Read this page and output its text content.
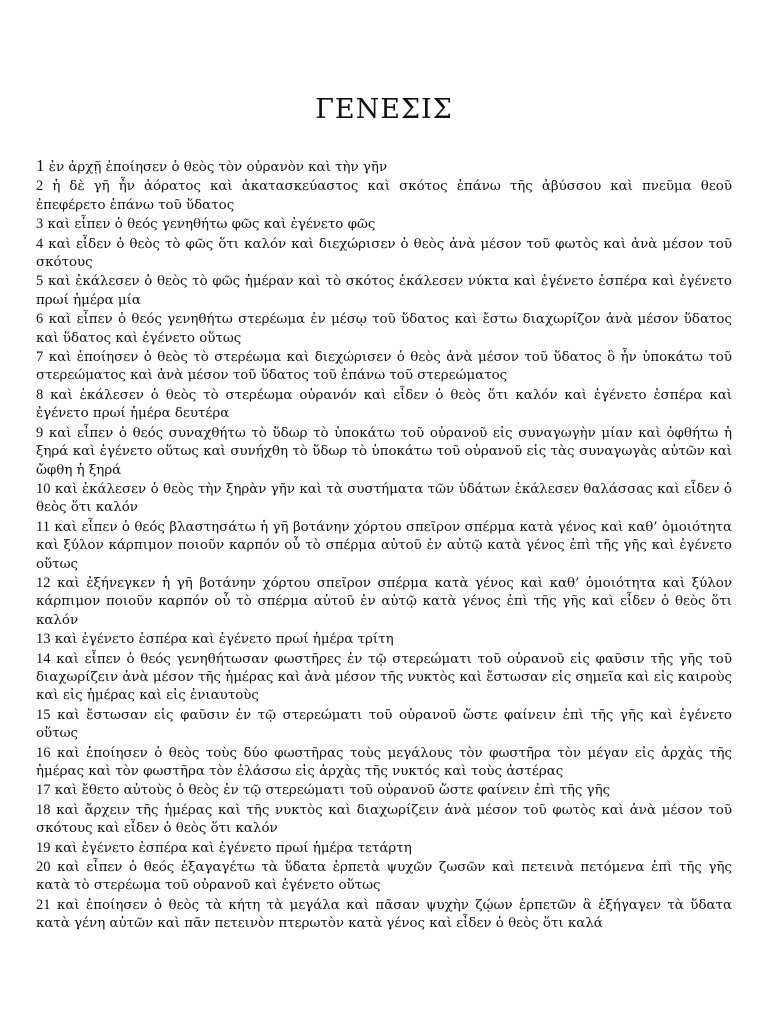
ΓΕΝΕΣΙΣ

1 ἐν ἀρχῇ ἐποίησεν ὁ θεὸς τὸν οὐρανὸν καὶ τὴν γῆν

2 ἡ δὲ γῆ ἦν ἀόρατος καὶ ἀκατασκεύαστος καὶ σκότος ἐπάνω τῆς ἀβύσσου καὶ πνεῦμα θεοῦ ἐπεφέρετο ἐπάνω τοῦ ὕδατος

3 καὶ εἶπεν ὁ θεός γενηθήτω φῶς καὶ ἐγένετο φῶς

4 καὶ εἶδεν ὁ θεὸς τὸ φῶς ὅτι καλόν καὶ διεχώρισεν ὁ θεὸς ἀνὰ μέσον τοῦ φωτὸς καὶ ἀνὰ μέσον τοῦ σκότους

5 καὶ ἐκάλεσεν ὁ θεὸς τὸ φῶς ἡμέραν καὶ τὸ σκότος ἐκάλεσεν νύκτα καὶ ἐγένετο ἑσπέρα καὶ ἐγένετο πρωί ἡμέρα μία

6 καὶ εἶπεν ὁ θεός γενηθήτω στερέωμα ἐν μέσῳ τοῦ ὕδατος καὶ ἔστω διαχωρίζον ἀνὰ μέσον ὕδατος καὶ ὕδατος καὶ ἐγένετο οὕτως

7 καὶ ἐποίησεν ὁ θεὸς τὸ στερέωμα καὶ διεχώρισεν ὁ θεὸς ἀνὰ μέσον τοῦ ὕδατος ὃ ἦν ὑποκάτω τοῦ στερεώματος καὶ ἀνὰ μέσον τοῦ ὕδατος τοῦ ἐπάνω τοῦ στερεώματος

8 καὶ ἐκάλεσεν ὁ θεὸς τὸ στερέωμα οὐρανόν καὶ εἶδεν ὁ θεὸς ὅτι καλόν καὶ ἐγένετο ἑσπέρα καὶ ἐγένετο πρωί ἡμέρα δευτέρα

9 καὶ εἶπεν ὁ θεός συναχθήτω τὸ ὕδωρ τὸ ὑποκάτω τοῦ οὐρανοῦ εἰς συναγωγὴν μίαν καὶ ὀφθήτω ἡ ξηρά καὶ ἐγένετο οὕτως καὶ συνήχθη τὸ ὕδωρ τὸ ὑποκάτω τοῦ οὐρανοῦ εἰς τὰς συναγωγὰς αὐτῶν καὶ ὤφθη ἡ ξηρά

10 καὶ ἐκάλεσεν ὁ θεὸς τὴν ξηρὰν γῆν καὶ τὰ συστήματα τῶν ὑδάτων ἐκάλεσεν θαλάσσας καὶ εἶδεν ὁ θεὸς ὅτι καλόν

11 καὶ εἶπεν ὁ θεός βλαστησάτω ἡ γῆ βοτάνην χόρτου σπεῖρον σπέρμα κατὰ γένος καὶ καθ’ ὁμοιότητα καὶ ξύλον κάρπιμον ποιοῦν καρπόν οὗ τὸ σπέρμα αὐτοῦ ἐν αὐτῷ κατὰ γένος ἐπὶ τῆς γῆς καὶ ἐγένετο οὕτως

12 καὶ ἐξήνεγκεν ἡ γῆ βοτάνην χόρτου σπεῖρον σπέρμα κατὰ γένος καὶ καθ’ ὁμοιότητα καὶ ξύλον κάρπιμον ποιοῦν καρπόν οὗ τὸ σπέρμα αὐτοῦ ἐν αὐτῷ κατὰ γένος ἐπὶ τῆς γῆς καὶ εἶδεν ὁ θεὸς ὅτι καλόν

13 καὶ ἐγένετο ἑσπέρα καὶ ἐγένετο πρωί ἡμέρα τρίτη

14 καὶ εἶπεν ὁ θεός γενηθήτωσαν φωστῆρες ἐν τῷ στερεώματι τοῦ οὐρανοῦ εἰς φαῦσιν τῆς γῆς τοῦ διαχωρίζειν ἀνὰ μέσον τῆς ἡμέρας καὶ ἀνὰ μέσον τῆς νυκτὸς καὶ ἔστωσαν εἰς σημεῖα καὶ εἰς καιροὺς καὶ εἰς ἡμέρας καὶ εἰς ἐνιαυτοὺς

15 καὶ ἔστωσαν εἰς φαῦσιν ἐν τῷ στερεώματι τοῦ οὐρανοῦ ὥστε φαίνειν ἐπὶ τῆς γῆς καὶ ἐγένετο οὕτως

16 καὶ ἐποίησεν ὁ θεὸς τοὺς δύο φωστῆρας τοὺς μεγάλους τὸν φωστῆρα τὸν μέγαν εἰς ἀρχὰς τῆς ἡμέρας καὶ τὸν φωστῆρα τὸν ἐλάσσω εἰς ἀρχὰς τῆς νυκτός καὶ τοὺς ἀστέρας

17 καὶ ἔθετο αὐτοὺς ὁ θεὸς ἐν τῷ στερεώματι τοῦ οὐρανοῦ ὥστε φαίνειν ἐπὶ τῆς γῆς

18 καὶ ἄρχειν τῆς ἡμέρας καὶ τῆς νυκτὸς καὶ διαχωρίζειν ἀνὰ μέσον τοῦ φωτὸς καὶ ἀνὰ μέσον τοῦ σκότους καὶ εἶδεν ὁ θεὸς ὅτι καλόν

19 καὶ ἐγένετο ἑσπέρα καὶ ἐγένετο πρωί ἡμέρα τετάρτη

20 καὶ εἶπεν ὁ θεός ἐξαγαγέτω τὰ ὕδατα ἑρπετὰ ψυχῶν ζωσῶν καὶ πετεινὰ πετόμενα ἐπὶ τῆς γῆς κατὰ τὸ στερέωμα τοῦ οὐρανοῦ καὶ ἐγένετο οὕτως

21 καὶ ἐποίησεν ὁ θεὸς τὰ κήτη τὰ μεγάλα καὶ πᾶσαν ψυχὴν ζῴων ἑρπετῶν ἃ ἐξήγαγεν τὰ ὕδατα κατὰ γένη αὐτῶν καὶ πᾶν πετεινὸν πτερωτὸν κατὰ γένος καὶ εἶδεν ὁ θεὸς ὅτι καλά
